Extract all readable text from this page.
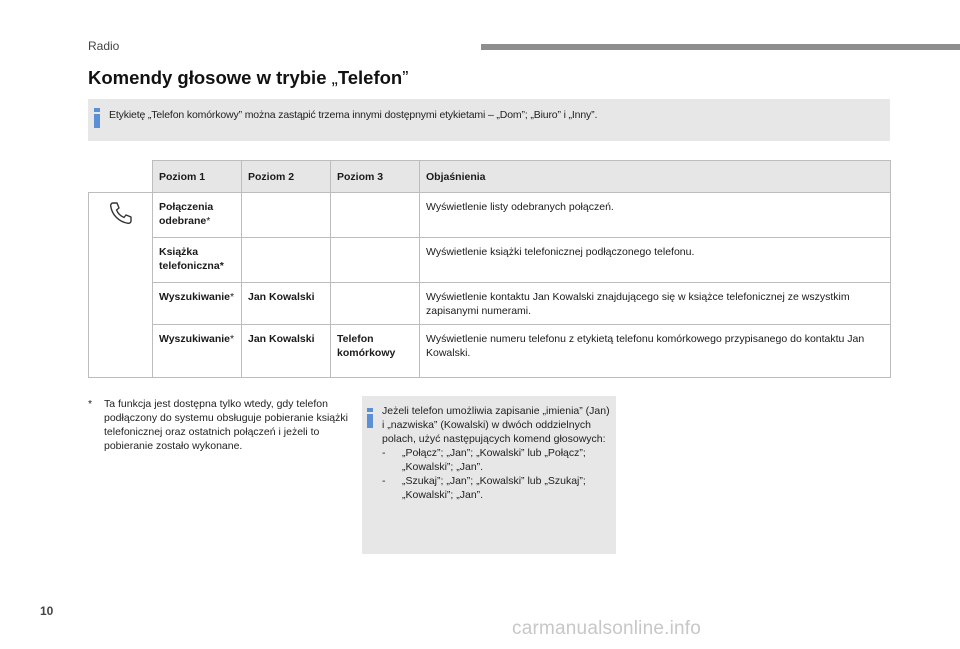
Radio
Komendy głosowe w trybie „Telefon”
Etykietę „Telefon komórkowy” można zastąpić trzema innymi dostępnymi etykietami – „Dom”; „Biuro” i „Inny”.
	Poziom 1	Poziom 2	Poziom 3	Objaśnienia
	Połączenia odebrane*			Wyświetlenie listy odebranych połączeń.
	Książka telefoniczna*			Wyświetlenie książki telefonicznej podłączonego telefonu.
	Wyszukiwanie*	Jan Kowalski		Wyświetlenie kontaktu Jan Kowalski znajdującego się w książce telefonicznej ze wszystkim zapisanymi numerami.
	Wyszukiwanie*	Jan Kowalski	Telefon komórkowy	Wyświetlenie numeru telefonu z etykietą telefonu komórkowego przypisanego do kontaktu Jan Kowalski.
* Ta funkcja jest dostępna tylko wtedy, gdy telefon podłączony do systemu obsługuje pobieranie książki telefonicznej oraz ostatnich połączeń i jeżeli to pobieranie zostało wykonane.
Jeżeli telefon umożliwia zapisanie „imienia” (Jan) i „nazwiska” (Kowalski) w dwóch oddzielnych polach, użyć następujących komend głosowych:
- „Połącz”; „Jan”; „Kowalski” lub „Połącz”; „Kowalski”; „Jan”.
- „Szukaj”; „Jan”; „Kowalski” lub „Szukaj”; „Kowalski”; „Jan”.
10
carmanualsonline.info
